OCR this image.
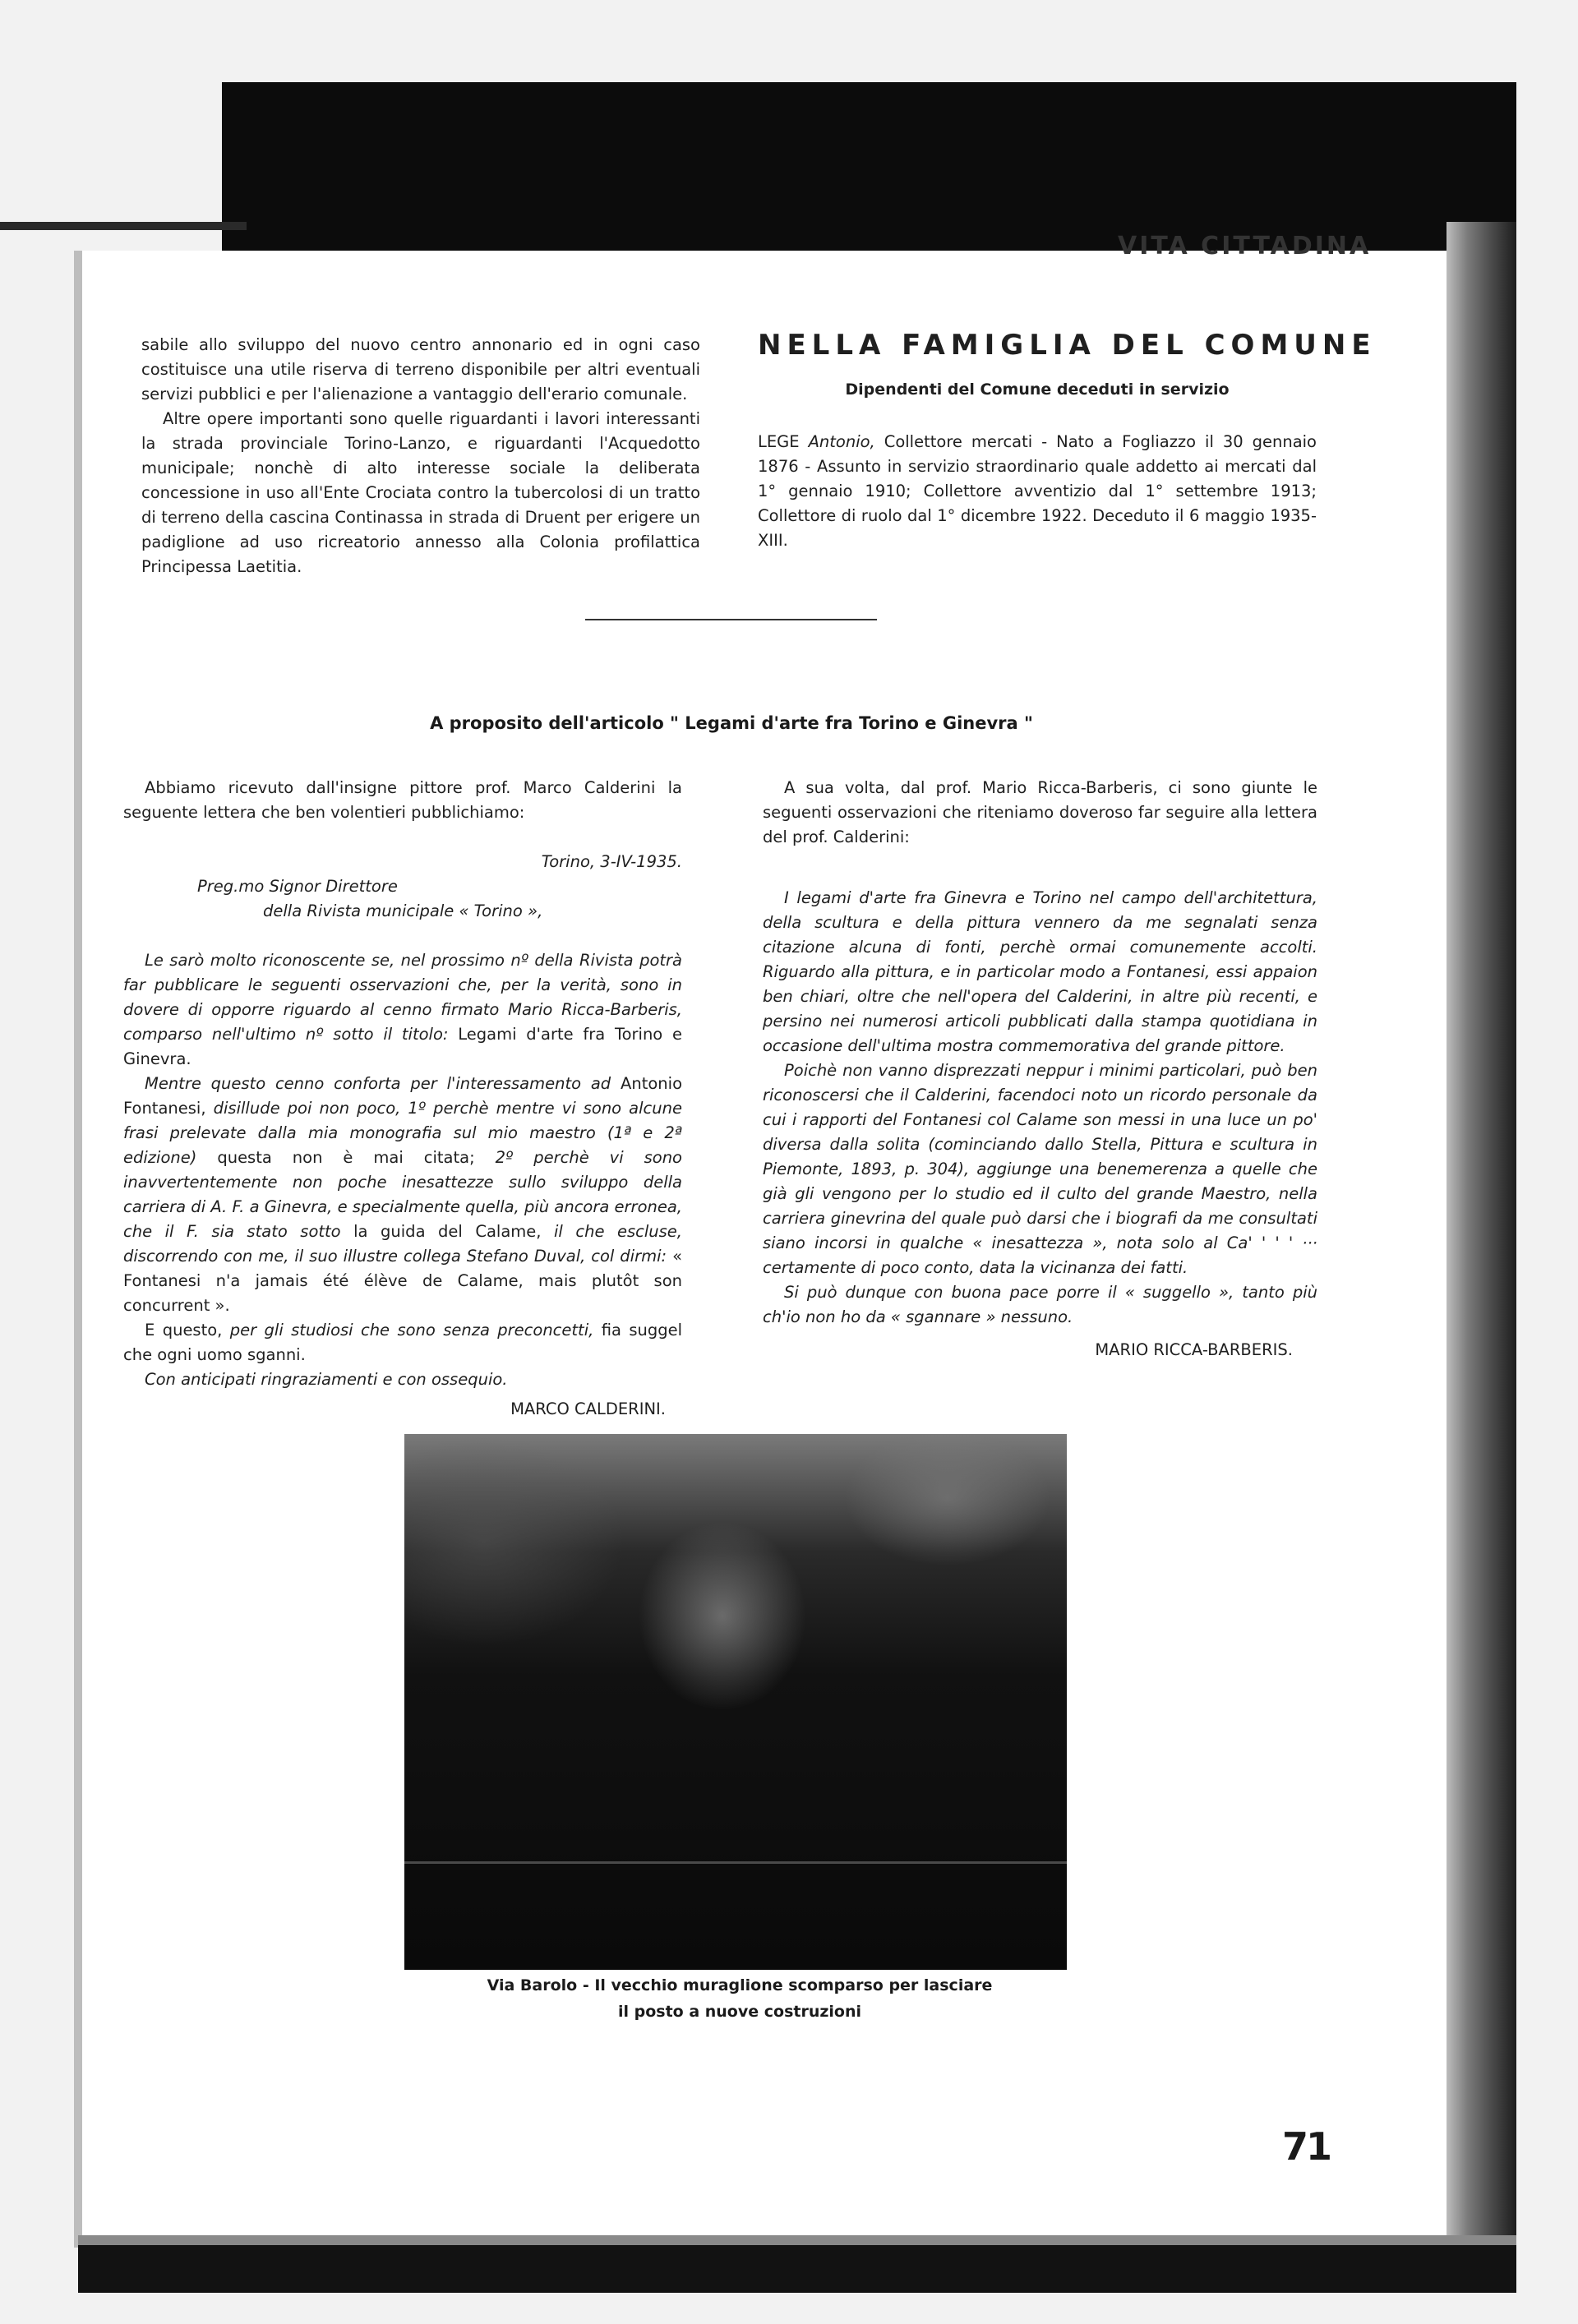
VITA CITTADINA

sabile allo sviluppo del nuovo centro annonario ed in ogni caso costituisce una utile riserva di terreno disponibile per altri eventuali servizi pubblici e per l'alienazione a vantaggio dell'erario comunale.

Altre opere importanti sono quelle riguardanti i lavori interessanti la strada provinciale Torino-Lanzo, e riguardanti l'Acquedotto municipale; nonchè di alto interesse sociale la deliberata concessione in uso all'Ente Crociata contro la tubercolosi di un tratto di terreno della cascina Continassa in strada di Druent per erigere un padiglione ad uso ricreatorio annesso alla Colonia profilattica Principessa Laetitia.

NELLA FAMIGLIA DEL COMUNE
Dipendenti del Comune deceduti in servizio

LEGE Antonio, Collettore mercati - Nato a Fogliazzo il 30 gennaio 1876 - Assunto in servizio straordinario quale addetto ai mercati dal 1° gennaio 1910; Collettore avventizio dal 1° settembre 1913; Collettore di ruolo dal 1° dicembre 1922. Deceduto il 6 maggio 1935-XIII.

A proposito dell'articolo " Legami d'arte fra Torino e Ginevra "

Abbiamo ricevuto dall'insigne pittore prof. Marco Calderini la seguente lettera che ben volentieri pubblichiamo:

Torino, 3-IV-1935.

Preg.mo Signor Direttore

della Rivista municipale « Torino »,

Le sarò molto riconoscente se, nel prossimo nº della Rivista potrà far pubblicare le seguenti osservazioni che, per la verità, sono in dovere di opporre riguardo al cenno firmato Mario Ricca-Barberis, comparso nell'ultimo nº sotto il titolo: Legami d'arte fra Torino e Ginevra.

Mentre questo cenno conforta per l'interessamento ad Antonio Fontanesi, disillude poi non poco, 1º perchè mentre vi sono alcune frasi prelevate dalla mia monografia sul mio maestro (1ª e 2ª edizione) questa non è mai citata; 2º perchè vi sono inavvertentemente non poche inesattezze sullo sviluppo della carriera di A. F. a Ginevra, e specialmente quella, più ancora erronea, che il F. sia stato sotto la guida del Calame, il che escluse, discorrendo con me, il suo illustre collega Stefano Duval, col dirmi: « Fontanesi n'a jamais été élève de Calame, mais plutôt son concurrent ».

E questo, per gli studiosi che sono senza preconcetti, fia suggel che ogni uomo sganni.

Con anticipati ringraziamenti e con ossequio.

MARCO CALDERINI.

A sua volta, dal prof. Mario Ricca-Barberis, ci sono giunte le seguenti osservazioni che riteniamo doveroso far seguire alla lettera del prof. Calderini:

I legami d'arte fra Ginevra e Torino nel campo dell'architettura, della scultura e della pittura vennero da me segnalati senza citazione alcuna di fonti, perchè ormai comunemente accolti. Riguardo alla pittura, e in particolar modo a Fontanesi, essi appaion ben chiari, oltre che nell'opera del Calderini, in altre più recenti, e persino nei numerosi articoli pubblicati dalla stampa quotidiana in occasione dell'ultima mostra commemorativa del grande pittore.

Poichè non vanno disprezzati neppur i minimi particolari, può ben riconoscersi che il Calderini, facendoci noto un ricordo personale da cui i rapporti del Fontanesi col Calame son messi in una luce un po' diversa dalla solita (cominciando dallo Stella, Pittura e scultura in Piemonte, 1893, p. 304), aggiunge una benemerenza a quelle che già gli vengono per lo studio ed il culto del grande Maestro, nella carriera ginevrina del quale può darsi che i biografi da me consultati siano incorsi in qualche « inesattezza », nota solo al Ca' ' ' ' ··· certamente di poco conto, data la vicinanza dei fatti.

Si può dunque con buona pace porre il « suggello », tanto più ch'io non ho da « sgannare » nessuno.

MARIO RICCA-BARBERIS.

Via Barolo - Il vecchio muraglione scomparso per lasciare
il posto a nuove costruzioni
71
